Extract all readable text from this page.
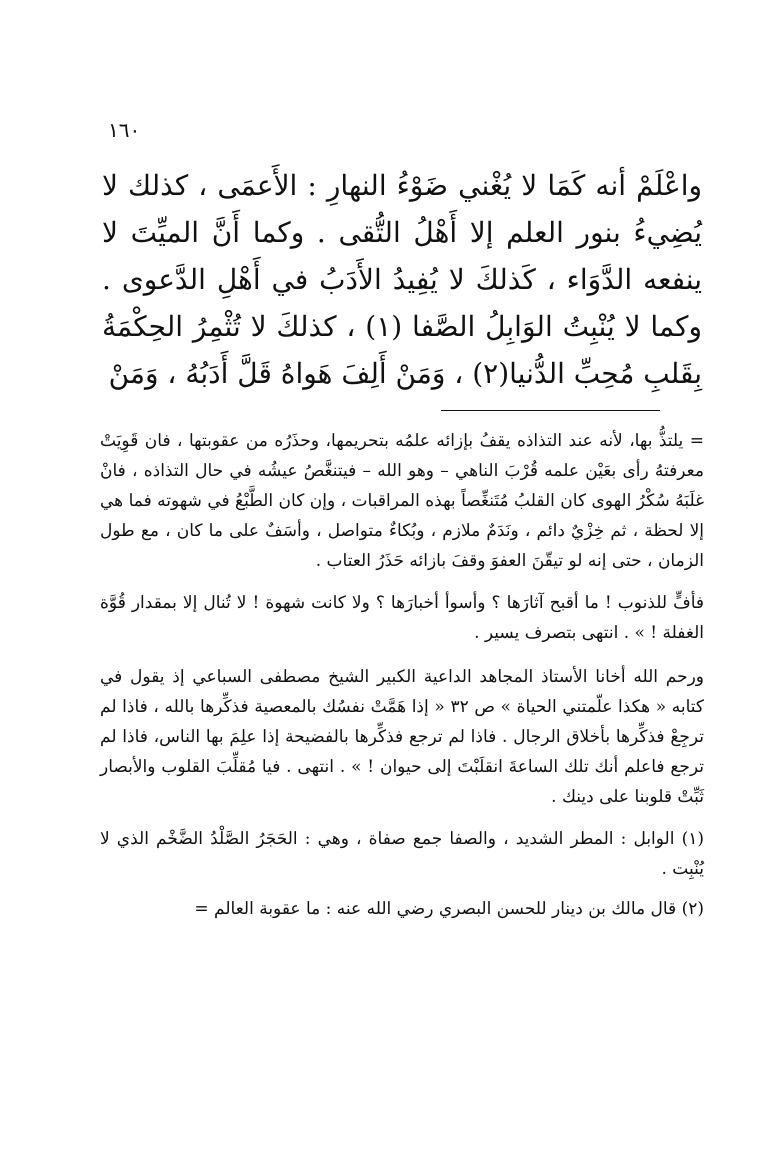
١٦٠

واعْلَمْ أنه كَمَا لا يُغْني ضَوْءُ النهارِ : الأَعمَى ، كذلك لا يُضِيءُ بنور العلم إلا أَهْلُ التُّقى . وكما أَنَّ الميِّتَ لا ينفعه الدَّوَاء ، كَذلكَ لا يُفِيدُ الأَدَبُ في أَهْلِ الدَّعوى . وكما لا يُنْبِتُ الوَابِلُ الصَّفا (١) ، كذلكَ لا تُثْمِرُ الحِكْمَةُ بِقَلبِ مُحِبِّ الدُّنيا(٢) ، وَمَنْ أَلِفَ هَواهُ قَلَّ أَدَبُهُ ، وَمَنْ

= يلتذُّ بها، لأنه عند التذاذه يقفُ بإزائه علمُه بتحريمها، وحذَرُه من عقوبتها ، فان قَوِيَتْ معرفتهُ رأى بعَيْن علمه قُرْبَ الناهي – وهو الله – فيتنغَّصُ عيشُه في حال التذاذه ، فانْ غلَبَهُ سُكْرُ الهوى كان القلبُ مُتَنغِّصاً بهذه المراقبات ، وإن كان الطَّبْعُ في شهوته فما هي إلا لحظة ، ثم خِزْيٌ دائم ، ونَدَمٌ ملازم ، وبُكاءٌ متواصل ، وأسَفٌ على ما كان ، مع طول الزمان ، حتى إنه لو تيقّنَ العفوَ وقفَ بازائه حَذَرُ العتاب .

فأفٍّ للذنوب ! ما أقبح آثارَها ؟ وأسوأ أخبارَها ؟ ولا كانت شهوة ! لا تُنال إلا بمقدار قُوَّة الغفلة ! » . انتهى بتصرف يسير .

ورحم الله أخانا الأستاذ المجاهد الداعية الكبير الشيخ مصطفى السباعي إذ يقول في كتابه « هكذا علّمتني الحياة » ص ٣٢ « إذا هَمَّتْ نفسُك بالمعصية فذكِّرها بالله ، فاذا لم ترجِعْ فذكِّرها بأخلاق الرجال . فاذا لم ترجع فذكِّرها بالفضيحة إذا علِمَ بها الناس، فاذا لم ترجع فاعلم أنك تلك الساعةَ انقلَبْتَ إلى حيوان ! » . انتهى . فيا مُقلِّبَ القلوب والأبصار ثَبِّتْ قلوبنا على دينك .

(١) الوابل : المطر الشديد ، والصفا جمع صفاة ، وهي : الحَجَرُ الصَّلْدُ الضَّخْم الذي لا يُنْبِت .

(٢) قال مالك بن دينار للحسن البصري رضي الله عنه : ما عقوبة العالم =
